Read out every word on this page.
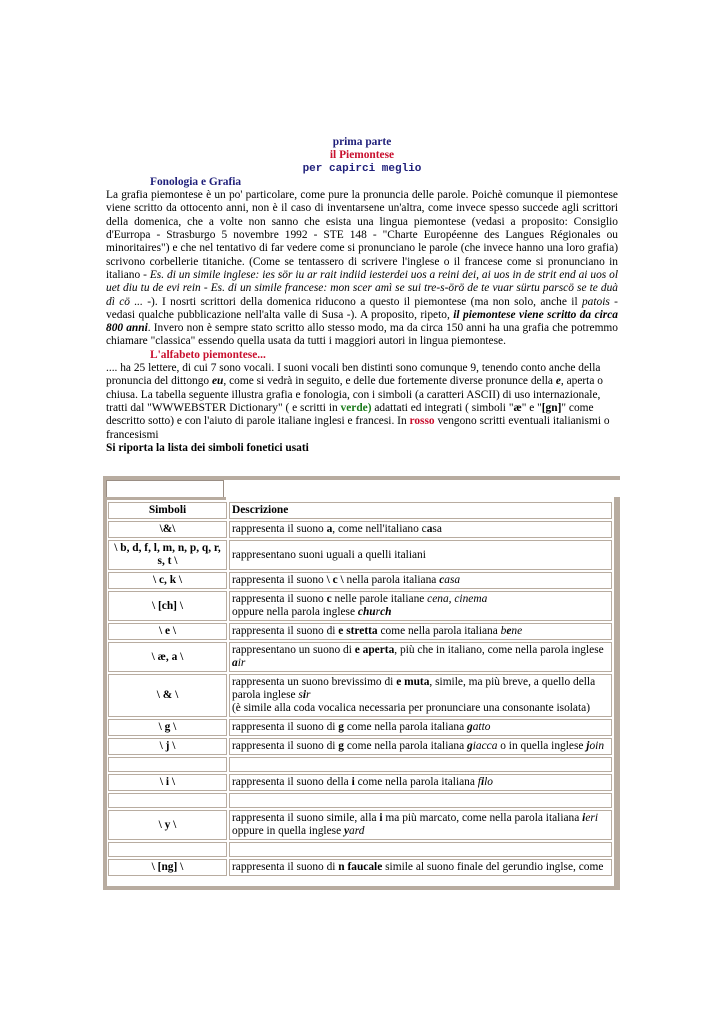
prima parte
il Piemontese
per capirci meglio
Fonologia e Grafia

La grafia piemontese è un po' particolare, come pure la pronuncia delle parole. Poichè comunque il piemontese viene scritto da ottocento anni, non è il caso di inventarsene un'altra, come invece spesso succede agli scrittori della domenica, che a volte non sanno che esista una lingua piemontese (vedasi a proposito: Consiglio d'Eurropa - Strasburgo 5 novembre 1992 - STE 148 - "Charte Européenne des Langues Régionales ou minoritaires") e che nel tentativo di far vedere come si pronunciano le parole (che invece hanno una loro grafia) scrivono corbellerie titaniche. (Come se tentassero di scrivere l'inglese o il francese come si pronunciano in italiano - Es. di un simile inglese: ies sör iu ar rait indiid iesterdei uos a reini dei, ai uos in de strit end ai uos ol uet diu tu de evi rein - Es. di un simile francese: mon scer amì se sui tre-s-örö de te vuar sürtu parscö se te duà dì cö ... -). I nosrti scrittori della domenica riducono a questo il piemontese (ma non solo, anche il patois - vedasi qualche pubblicazione nell'alta valle di Susa -). A proposito, ripeto, il piemontese viene scritto da circa 800 anni. Invero non è sempre stato scritto allo stesso modo, ma da circa 150 anni ha una grafia che potremmo chiamare "classica" essendo quella usata da tutti i maggiori autori in lingua piemontese.

L'alfabeto piemontese...

.... ha 25 lettere, di cui 7 sono vocali. I suoni vocali ben distinti sono comunque 9, tenendo conto anche della pronuncia del dittongo eu, come si vedrà in seguito, e delle due fortemente diverse pronunce della e, aperta o chiusa. La tabella seguente illustra grafia e fonologia, con i simboli (a caratteri ASCII) di uso internazionale, tratti dal "WWWEBSTER Dictionary" ( e scritti in verde) adattati ed integrati ( simboli "æ" e "[gn]" come descritto sotto) e con l'aiuto di parole italiane inglesi e francesi. In rosso vengono scritti eventuali italianismi o francesismi

Si riporta la lista dei simboli fonetici usati
Simboli	Descrizione
\&\	rappresenta il suono a, come nell'italiano casa
\ b, d, f, l, m, n, p, q, r, s, t \	rappresentano suoni uguali a quelli italiani
\ c, k \	rappresenta il suono \ c \ nella parola italiana casa
\ [ch] \	rappresenta il suono c nelle parole italiane cena, cinema
oppure nella parola inglese church
\ e \	rappresenta il suono di e stretta come nella parola italiana bene
\ æ, a \	rappresentano un suono di e aperta, più che in italiano, come nella parola inglese air
\ & \	rappresenta un suono brevissimo di e muta, simile, ma più breve, a quello della parola inglese sir
(è simile alla coda vocalica necessaria per pronunciare una consonante isolata)
\ g \	rappresenta il suono di g come nella parola italiana gatto
\ j \	rappresenta il suono di g come nella parola italiana giacca o in quella inglese join

\ i \	rappresenta il suono della i come nella parola italiana filo

\ y \	rappresenta il suono simile, alla i ma più marcato, come nella parola italiana ieri
oppure in quella inglese yard

\ [ng] \	rappresenta il suono di n faucale simile al suono finale del gerundio inglse, come
